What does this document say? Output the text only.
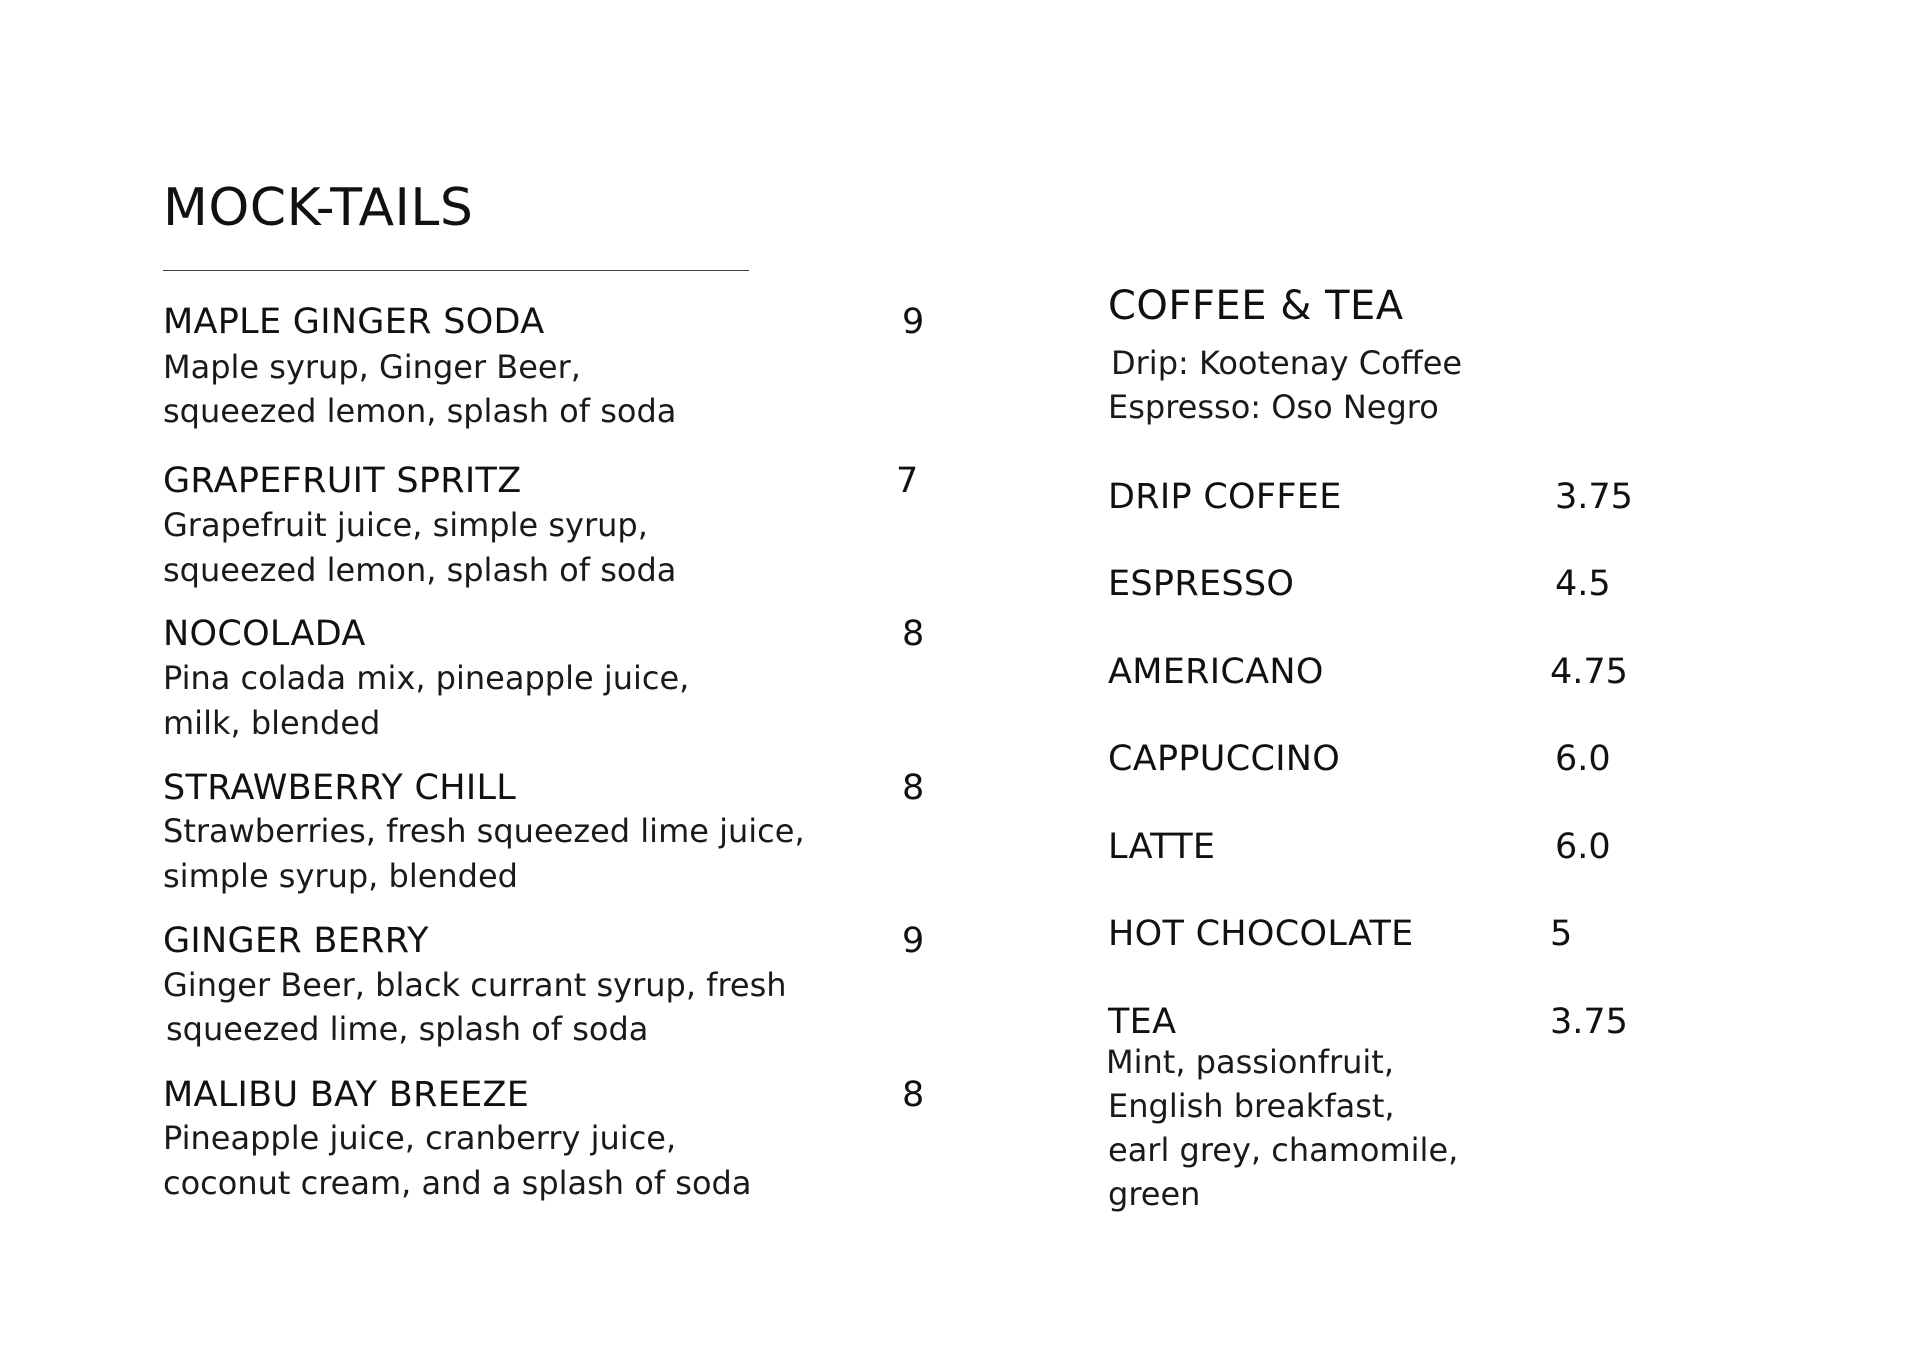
MOCK-TAILS
MAPLE GINGER SODA	9
Maple syrup, Ginger Beer,
squeezed lemon, splash of soda
GRAPEFRUIT SPRITZ	7
Grapefruit juice, simple syrup,
squeezed lemon, splash of soda
NOCOLADA	8
Pina colada mix, pineapple juice,
milk, blended
STRAWBERRY CHILL	8
Strawberries, fresh squeezed lime juice,
simple syrup, blended
GINGER BERRY	9
Ginger Beer, black currant syrup, fresh
squeezed lime, splash of soda
MALIBU BAY BREEZE	8
Pineapple juice, cranberry juice,
coconut cream, and a splash of soda
COFFEE & TEA
Drip: Kootenay Coffee
Espresso: Oso Negro
DRIP COFFEE	3.75
ESPRESSO	4.5
AMERICANO	4.75
CAPPUCCINO	6.0
LATTE	6.0
HOT CHOCOLATE	5
TEA	3.75
Mint, passionfruit,
English breakfast,
earl grey, chamomile,
green
